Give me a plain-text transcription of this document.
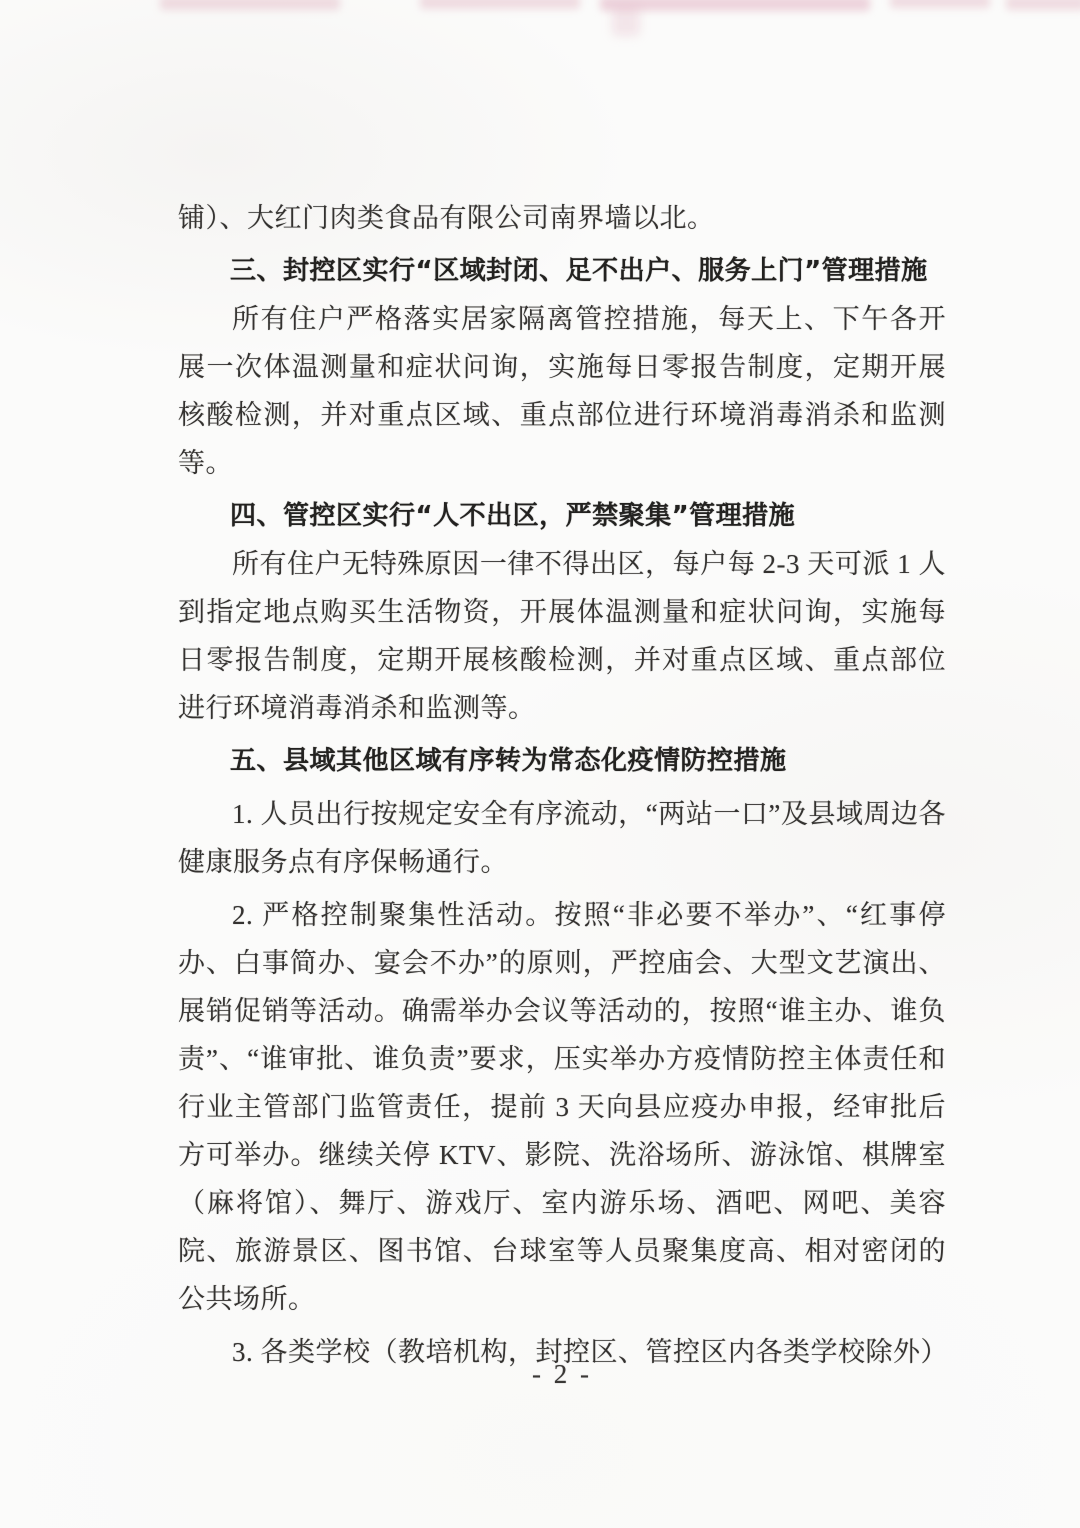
铺）、大红门肉类食品有限公司南界墙以北。

三、封控区实行“区域封闭、足不出户、服务上门”管理措施

所有住户严格落实居家隔离管控措施，每天上、下午各开展一次体温测量和症状问询，实施每日零报告制度，定期开展核酸检测，并对重点区域、重点部位进行环境消毒消杀和监测等。

四、管控区实行“人不出区，严禁聚集”管理措施

所有住户无特殊原因一律不得出区，每户每 2-3 天可派 1 人到指定地点购买生活物资，开展体温测量和症状问询，实施每日零报告制度，定期开展核酸检测，并对重点区域、重点部位进行环境消毒消杀和监测等。

五、县域其他区域有序转为常态化疫情防控措施

1. 人员出行按规定安全有序流动，“两站一口”及县域周边各健康服务点有序保畅通行。

2. 严格控制聚集性活动。按照“非必要不举办”、“红事停办、白事简办、宴会不办”的原则，严控庙会、大型文艺演出、展销促销等活动。确需举办会议等活动的，按照“谁主办、谁负责”、“谁审批、谁负责”要求，压实举办方疫情防控主体责任和行业主管部门监管责任，提前 3 天向县应疫办申报，经审批后方可举办。继续关停 KTV、影院、洗浴场所、游泳馆、棋牌室（麻将馆）、舞厅、游戏厅、室内游乐场、酒吧、网吧、美容院、旅游景区、图书馆、台球室等人员聚集度高、相对密闭的公共场所。

3. 各类学校（教培机构，封控区、管控区内各类学校除外）

- 2 -
